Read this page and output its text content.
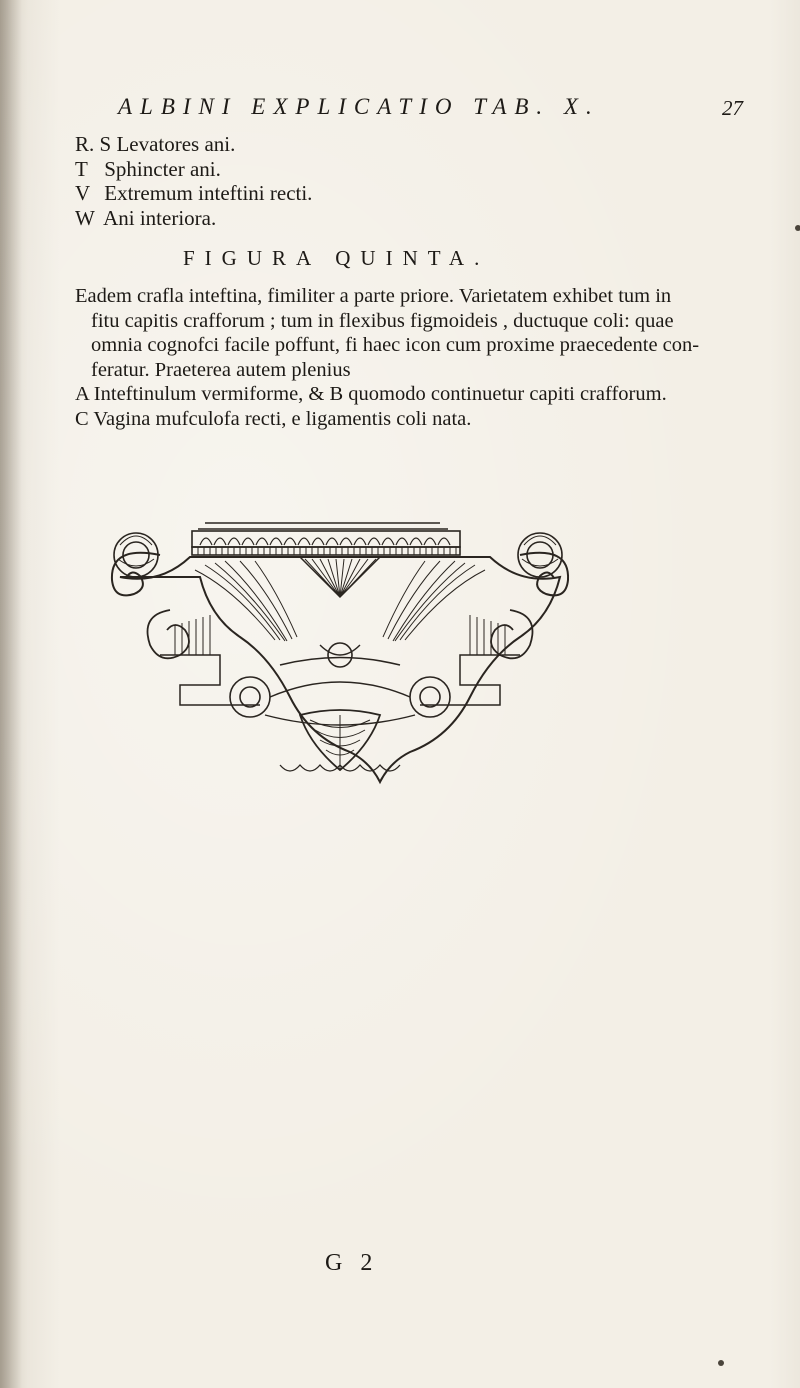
ALBINI EXPLICATIO TAB. X.	27
R. S Levatores ani.
T Sphincter ani.
V Extremum inteftini recti.
W Ani interiora.
FIGURA QUINTA.
Eadem crafla inteftina, fimiliter a parte priore. Varietatem exhibet tum in
fitu capitis crafforum ; tum in flexibus figmoideis , ductuque coli: quae
omnia cognofci facile poffunt, fi haec icon cum proxime praecedente con-
feratur. Praeterea autem plenius
A Inteftinulum vermiforme, & B quomodo continuetur capiti crafforum.
C Vagina mufculofa recti, e ligamentis coli nata.
G 2
